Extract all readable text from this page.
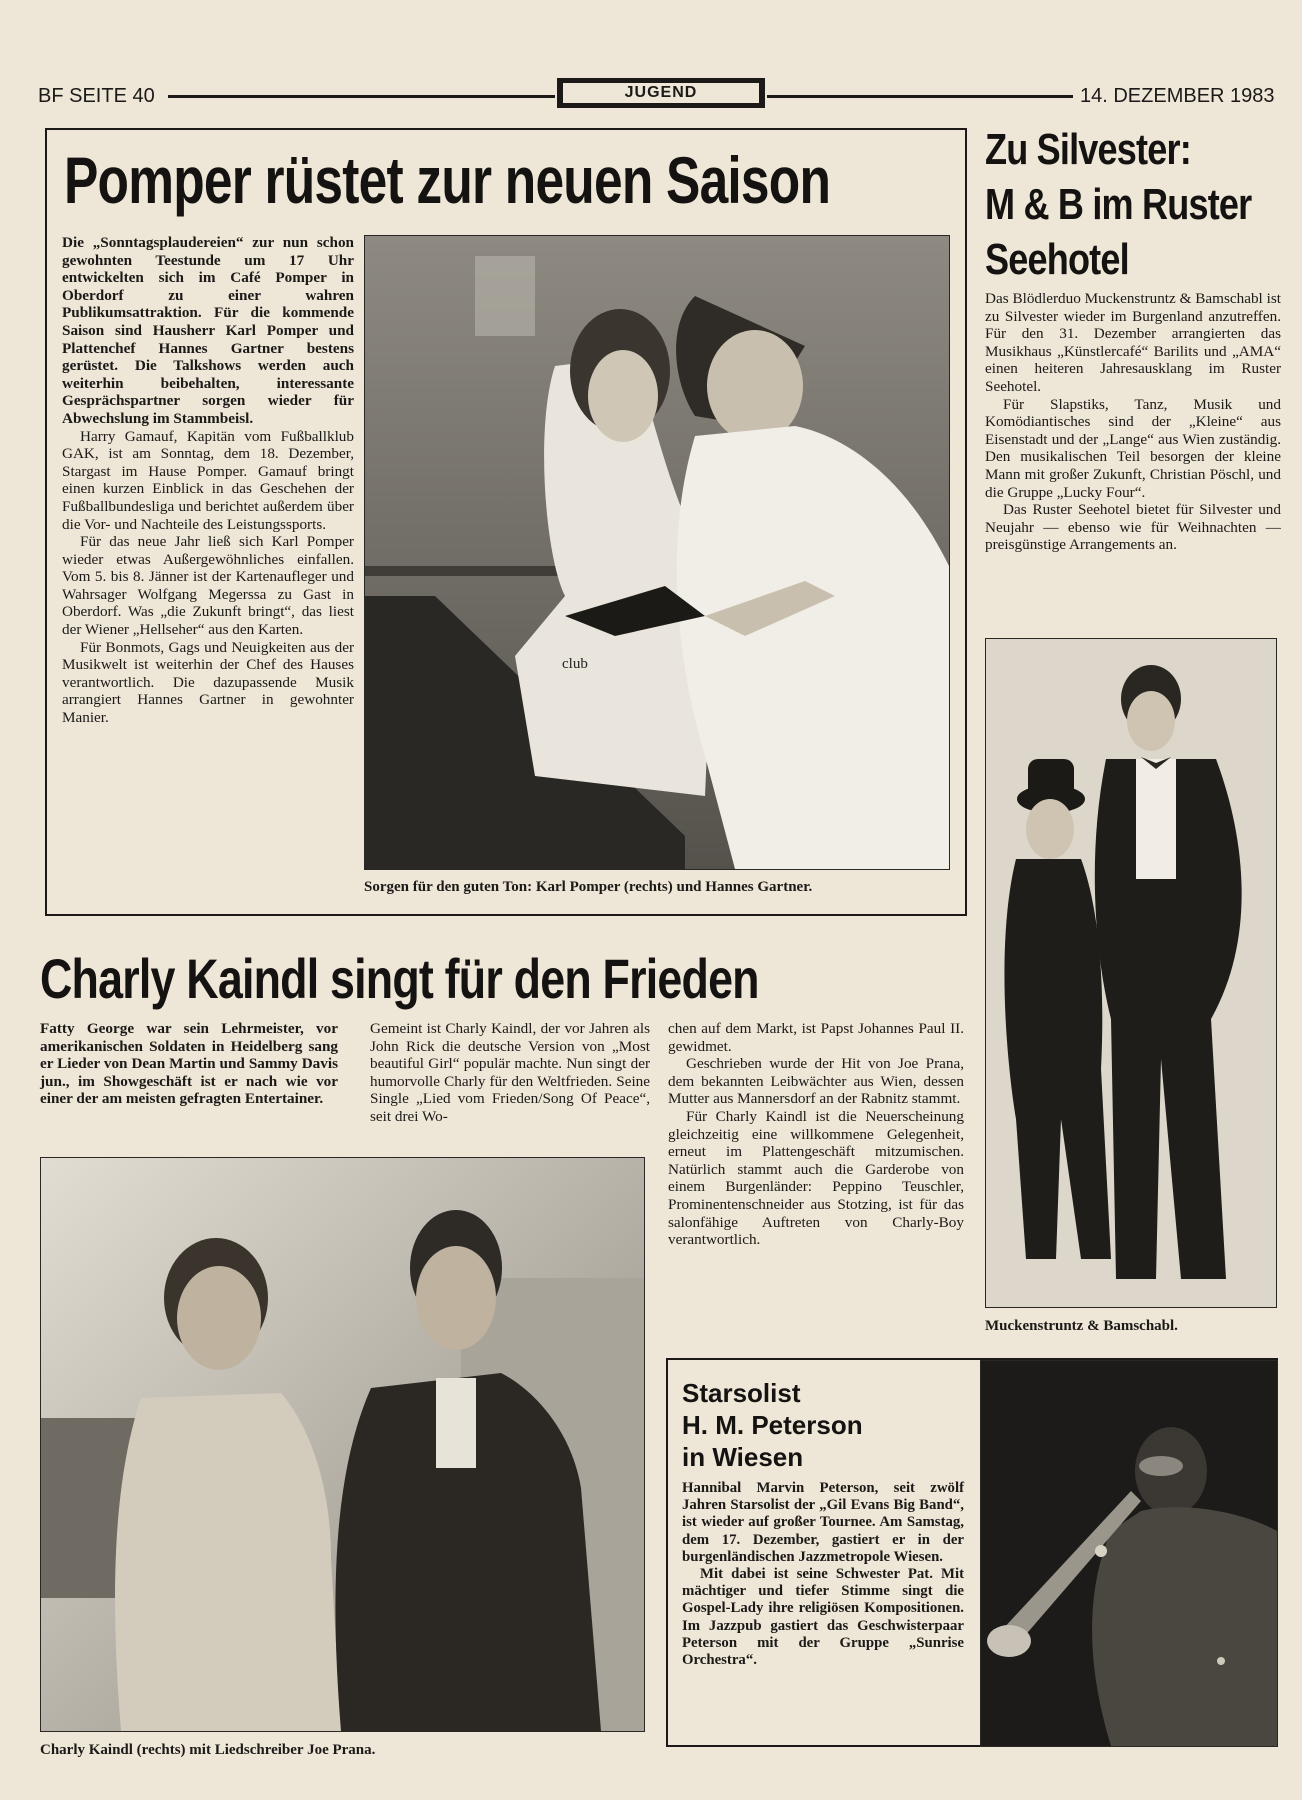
BF SEITE 40	JUGEND	14. DEZEMBER 1983
Pomper rüstet zur neuen Saison

Die „Sonntagsplaudereien“ zur nun schon gewohnten Teestunde um 17 Uhr entwickelten sich im Café Pomper in Oberdorf zu einer wahren Publikumsattraktion. Für die kommende Saison sind Hausherr Karl Pomper und Plattenchef Hannes Gartner bestens gerüstet. Die Talkshows werden auch weiterhin beibehalten, interessante Gesprächspartner sorgen wieder für Abwechslung im Stammbeisl.

Harry Gamauf, Kapitän vom Fußballklub GAK, ist am Sonntag, dem 18. Dezember, Stargast im Hause Pomper. Gamauf bringt einen kurzen Einblick in das Geschehen der Fußballbundesliga und berichtet außerdem über die Vor- und Nachteile des Leistungssports.

Für das neue Jahr ließ sich Karl Pomper wieder etwas Außergewöhnliches einfallen. Vom 5. bis 8. Jänner ist der Kartenaufleger und Wahrsager Wolfgang Megerssa zu Gast in Oberdorf. Was „die Zukunft bringt“, das liest der Wiener „Hellseher“ aus den Karten.

Für Bonmots, Gags und Neuigkeiten aus der Musikwelt ist weiterhin der Chef des Hauses verantwortlich. Die dazupassende Musik arrangiert Hannes Gartner in gewohnter Manier.

club

Sorgen für den guten Ton: Karl Pomper (rechts) und Hannes Gartner.

Zu Silvester:
M & B im Ruster
Seehotel

Das Blödlerduo Muckenstruntz & Bamschabl ist zu Silvester wieder im Burgenland anzutreffen. Für den 31. Dezember arrangierten das Musikhaus „Künstlercafé“ Barilits und „AMA“ einen heiteren Jahresausklang im Ruster Seehotel.

Für Slapstiks, Tanz, Musik und Komödiantisches sind der „Kleine“ aus Eisenstadt und der „Lange“ aus Wien zuständig. Den musikalischen Teil besorgen der kleine Mann mit großer Zukunft, Christian Pöschl, und die Gruppe „Lucky Four“.

Das Ruster Seehotel bietet für Silvester und Neujahr — ebenso wie für Weihnachten — preisgünstige Arrangements an.

Muckenstruntz & Bamschabl.

Charly Kaindl singt für den Frieden

Fatty George war sein Lehrmeister, vor amerikanischen Soldaten in Heidelberg sang er Lieder von Dean Martin und Sammy Davis jun., im Showgeschäft ist er nach wie vor einer der am meisten gefragten Entertainer.

Gemeint ist Charly Kaindl, der vor Jahren als John Rick die deutsche Version von „Most beautiful Girl“ populär machte. Nun singt der humorvolle Charly für den Weltfrieden. Seine Single „Lied vom Frieden/Song Of Peace“, seit drei Wo-

chen auf dem Markt, ist Papst Johannes Paul II. gewidmet.

Geschrieben wurde der Hit von Joe Prana, dem bekannten Leibwächter aus Wien, dessen Mutter aus Mannersdorf an der Rabnitz stammt.

Für Charly Kaindl ist die Neuerscheinung gleichzeitig eine willkommene Gelegenheit, erneut im Plattengeschäft mitzumischen. Natürlich stammt auch die Garderobe von einem Burgenländer: Peppino Teuschler, Prominentenschneider aus Stotzing, ist für das salonfähige Auftreten von Charly-Boy verantwortlich.

Charly Kaindl (rechts) mit Liedschreiber Joe Prana.

Starsolist
H. M. Peterson
in Wiesen

Hannibal Marvin Peterson, seit zwölf Jahren Starsolist der „Gil Evans Big Band“, ist wieder auf großer Tournee. Am Samstag, dem 17. Dezember, gastiert er in der burgenländischen Jazzmetropole Wiesen.

Mit dabei ist seine Schwester Pat. Mit mächtiger und tiefer Stimme singt die Gospel-Lady ihre religiösen Kompositionen. Im Jazzpub gastiert das Geschwisterpaar Peterson mit der Gruppe „Sunrise Orchestra“.
